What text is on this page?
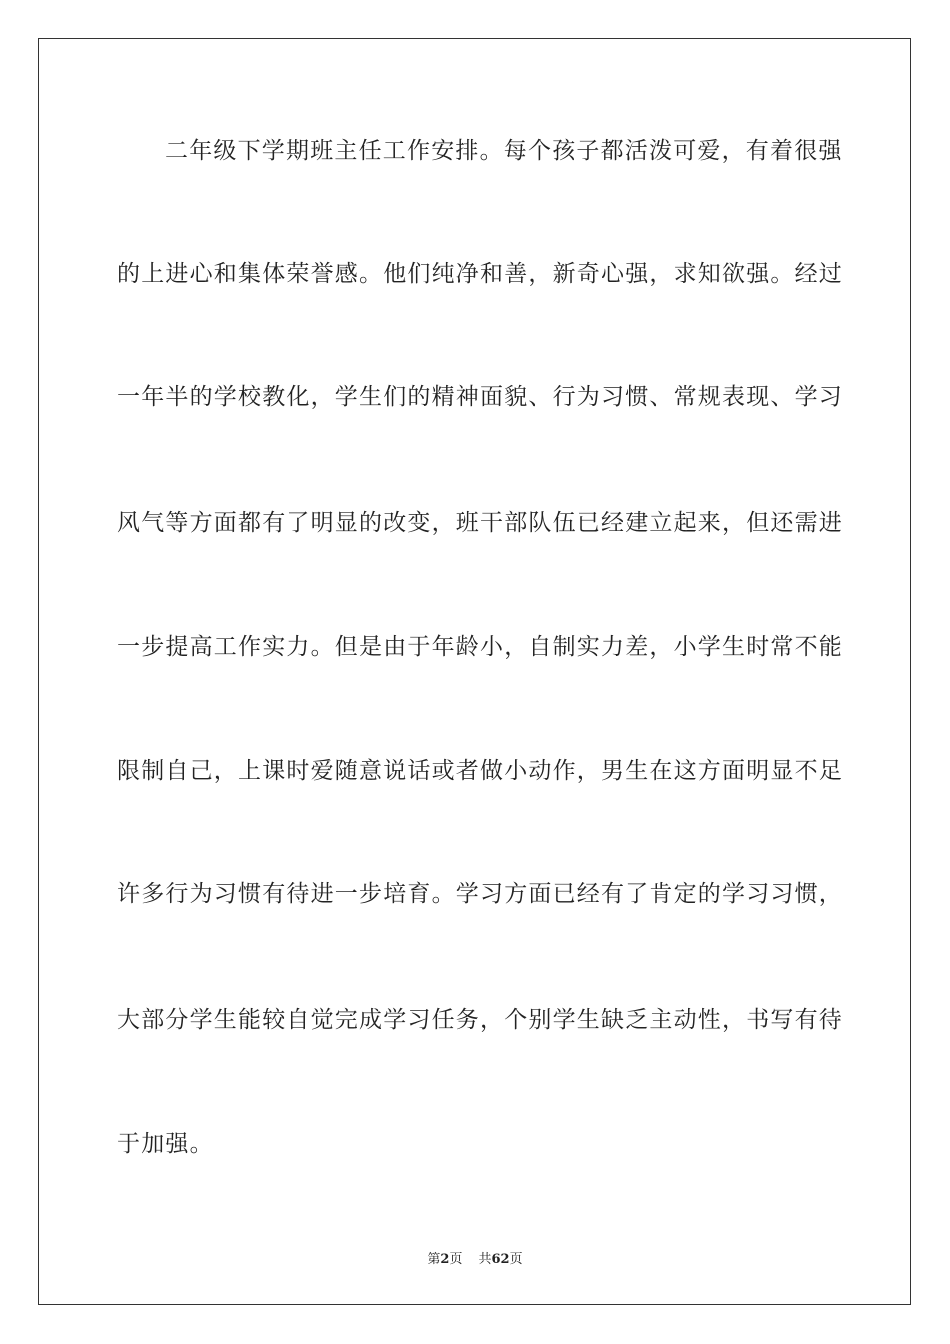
二年级下学期班主任工作安排。每个孩子都活泼可爱，有着很强
的上进心和集体荣誉感。他们纯净和善，新奇心强，求知欲强。经过
一年半的学校教化，学生们的精神面貌、行为习惯、常规表现、学习
风气等方面都有了明显的改变，班干部队伍已经建立起来，但还需进
一步提高工作实力。但是由于年龄小，自制实力差，小学生时常不能
限制自己，上课时爱随意说话或者做小动作，男生在这方面明显不足
许多行为习惯有待进一步培育。学习方面已经有了肯定的学习习惯，
大部分学生能较自觉完成学习任务，个别学生缺乏主动性，书写有待
于加强。
第2页 共62页
